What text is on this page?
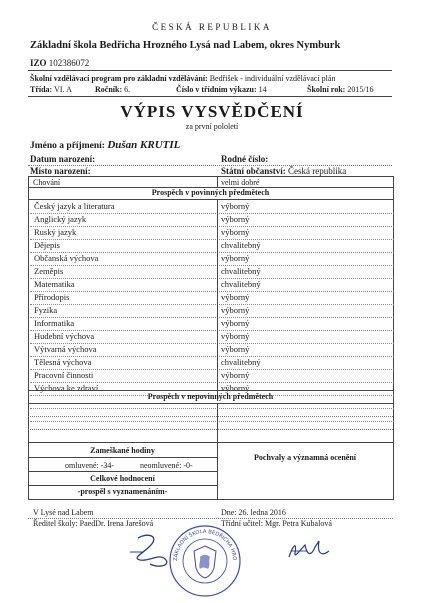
ČESKÁ REPUBLIKA
Základní škola Bedřicha Hrozného Lysá nad Labem, okres Nymburk
IZO 102386072
Školní vzdělávací program pro základní vzdělávání: Bedřišek - individuální vzdělávací plán
Třída: VI. A	Ročník: 6.	Číslo v třídním výkazu: 14	Školní rok: 2015/16
VÝPIS VYSVĚDČENÍ
za první pololetí
Jméno a příjmení: Dušan KRUTIL
Datum narození:	Rodné číslo:
Místo narození:	Státní občanství: Česká republika
Chování	velmi dobré
Prospěch v povinných předmětech
Český jazyk a literatura	výborný
Anglický jazyk	výborný
Ruský jazyk	výborný
Dějepis	chvalitebný
Občanská výchova	výborný
Zeměpis	chvalitebný
Matematika	chvalitebný
Přírodopis	výborný
Fyzika	výborný
Informatika	výborný
Hudební výchova	výborný
Výtvarná výchova	výborný
Tělesná výchova	chvalitebný
Pracovní činnosti	výborný
Výchova ke zdraví	výborný
Prospěch v nepovinných předmětech
Zameškané hodiny
Pochvaly a významná ocenění
omluvené: -34-	neomluvené: -0-
Celkové hodnocení
-prospěl s vyznamenáním-
V Lysé nad Labem	Dne: 26. ledna 2016
Ředitel školy: PaedDr. Irena Jarešová	Třídní učitel: Mgr. Petra Kubalová
ZÁKLADNÍ ŠKOLA BEDŘICHA HRO
